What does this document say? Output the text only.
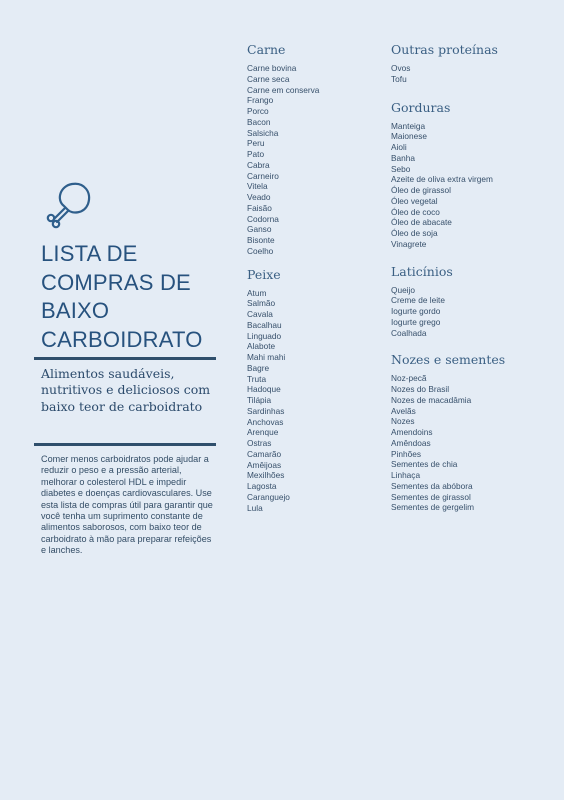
LISTA DE COMPRAS DE BAIXO CARBOIDRATO

Alimentos saudáveis, nutritivos e deliciosos com baixo teor de carboidrato

Comer menos carboidratos pode ajudar a reduzir o peso e a pressão arterial, melhorar o colesterol HDL e impedir diabetes e doenças cardiovasculares. Use esta lista de compras útil para garantir que você tenha um suprimento constante de alimentos saborosos, com baixo teor de carboidrato à mão para preparar refeições e lanches.

Carne
Carne bovina
Carne seca
Carne em conserva
Frango
Porco
Bacon
Salsicha
Peru
Pato
Cabra
Carneiro
Vitela
Veado
Faisão
Codorna
Ganso
Bisonte
Coelho
Peixe
Atum
Salmão
Cavala
Bacalhau
Linguado
Alabote
Mahi mahi
Bagre
Truta
Hadoque
Tilápia
Sardinhas
Anchovas
Arenque
Ostras
Camarão
Amêijoas
Mexilhões
Lagosta
Caranguejo
Lula
Outras proteínas
Ovos
Tofu
Gorduras
Manteiga
Maionese
Aioli
Banha
Sebo
Azeite de oliva extra virgem
Óleo de girassol
Óleo vegetal
Óleo de coco
Óleo de abacate
Óleo de soja
Vinagrete
Laticínios
Queijo
Creme de leite
Iogurte gordo
Iogurte grego
Coalhada
Nozes e sementes
Noz-pecã
Nozes do Brasil
Nozes de macadâmia
Avelãs
Nozes
Amendoins
Amêndoas
Pinhões
Sementes de chia
Linhaça
Sementes da abóbora
Sementes de girassol
Sementes de gergelim
